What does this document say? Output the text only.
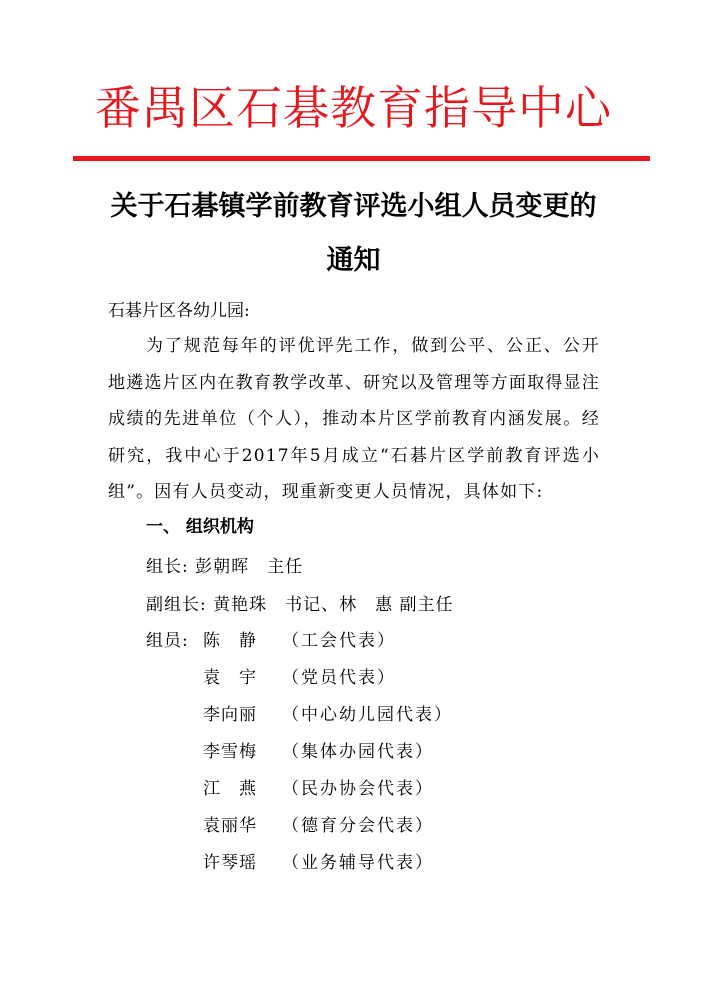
番禺区石碁教育指导中心
关于石碁镇学前教育评选小组人员变更的
通知
石碁片区各幼儿园:
为了规范每年的评优评先工作，做到公平、公正、公开地遴选片区内在教育教学改革、研究以及管理等方面取得显注成绩的先进单位（个人），推动本片区学前教育内涵发展。经研究，我中心于2017年5月成立“石碁片区学前教育评选小组”。因有人员变动，现重新变更人员情况，具体如下:
一、 组织机构
组长: 彭朝晖　主任
副组长: 黄艳珠　书记、林　惠 副主任
组员: 陈　静	（工会代表）
袁　宇	（党员代表）
李向丽	（中心幼儿园代表）
李雪梅	（集体办园代表）
江　燕	（民办协会代表）
袁丽华	（德育分会代表）
许琴瑶	（业务辅导代表）
